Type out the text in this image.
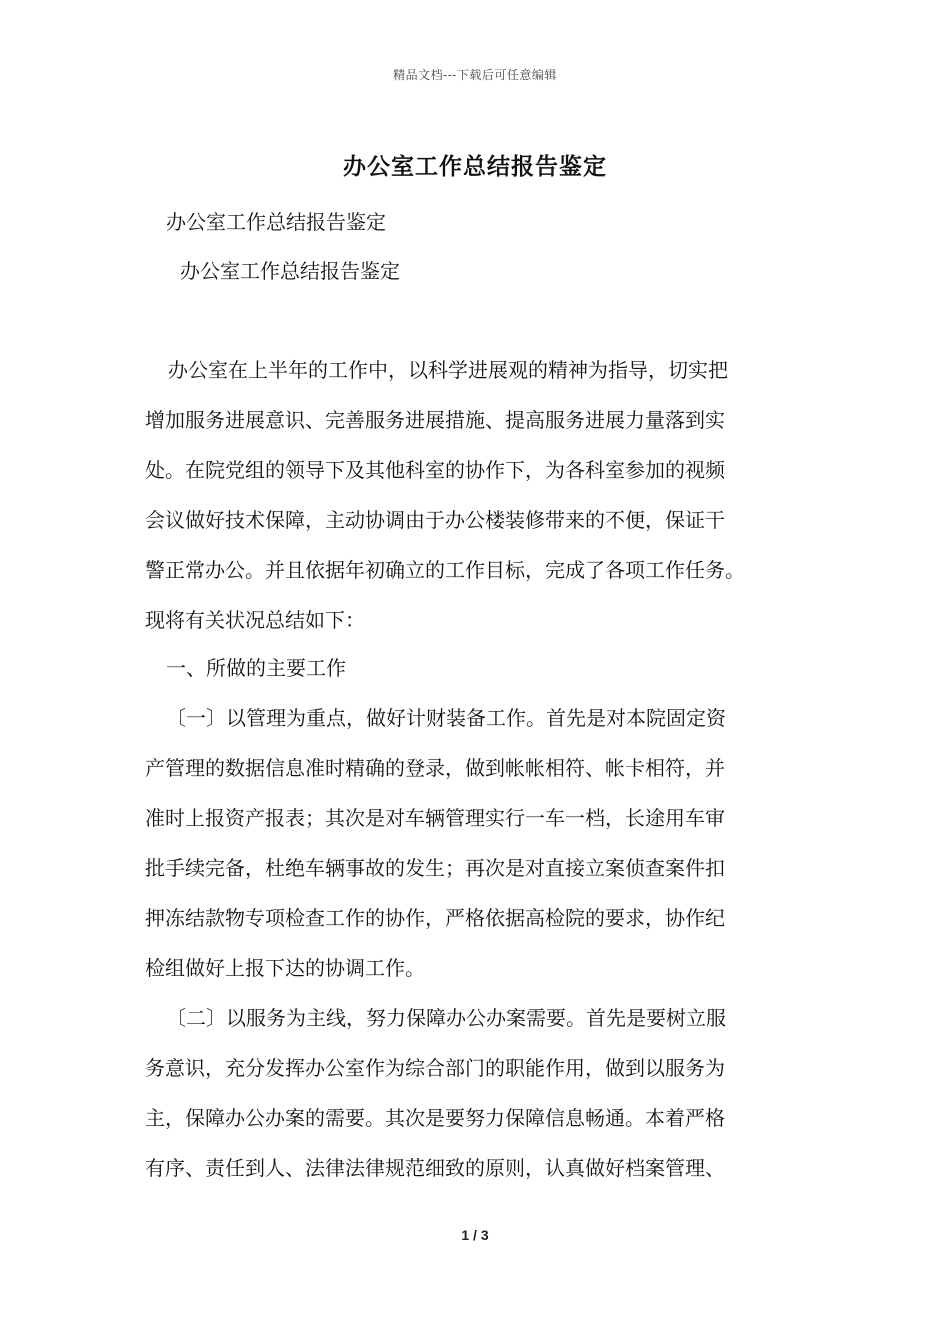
精品文档---下载后可任意编辑
办公室工作总结报告鉴定
办公室工作总结报告鉴定
办公室工作总结报告鉴定
办公室在上半年的工作中，以科学进展观的精神为指导，切实把
增加服务进展意识、完善服务进展措施、提高服务进展力量落到实
处。在院党组的领导下及其他科室的协作下，为各科室参加的视频
会议做好技术保障，主动协调由于办公楼装修带来的不便，保证干
警正常办公。并且依据年初确立的工作目标，完成了各项工作任务。
现将有关状况总结如下：
一、所做的主要工作
〔一〕以管理为重点，做好计财装备工作。首先是对本院固定资
产管理的数据信息准时精确的登录，做到帐帐相符、帐卡相符，并
准时上报资产报表；其次是对车辆管理实行一车一档，长途用车审
批手续完备，杜绝车辆事故的发生；再次是对直接立案侦查案件扣
押冻结款物专项检查工作的协作，严格依据高检院的要求，协作纪
检组做好上报下达的协调工作。
〔二〕以服务为主线，努力保障办公办案需要。首先是要树立服
务意识，充分发挥办公室作为综合部门的职能作用，做到以服务为
主，保障办公办案的需要。其次是要努力保障信息畅通。本着严格
有序、责任到人、法律法律规范细致的原则，认真做好档案管理、
1 / 3
